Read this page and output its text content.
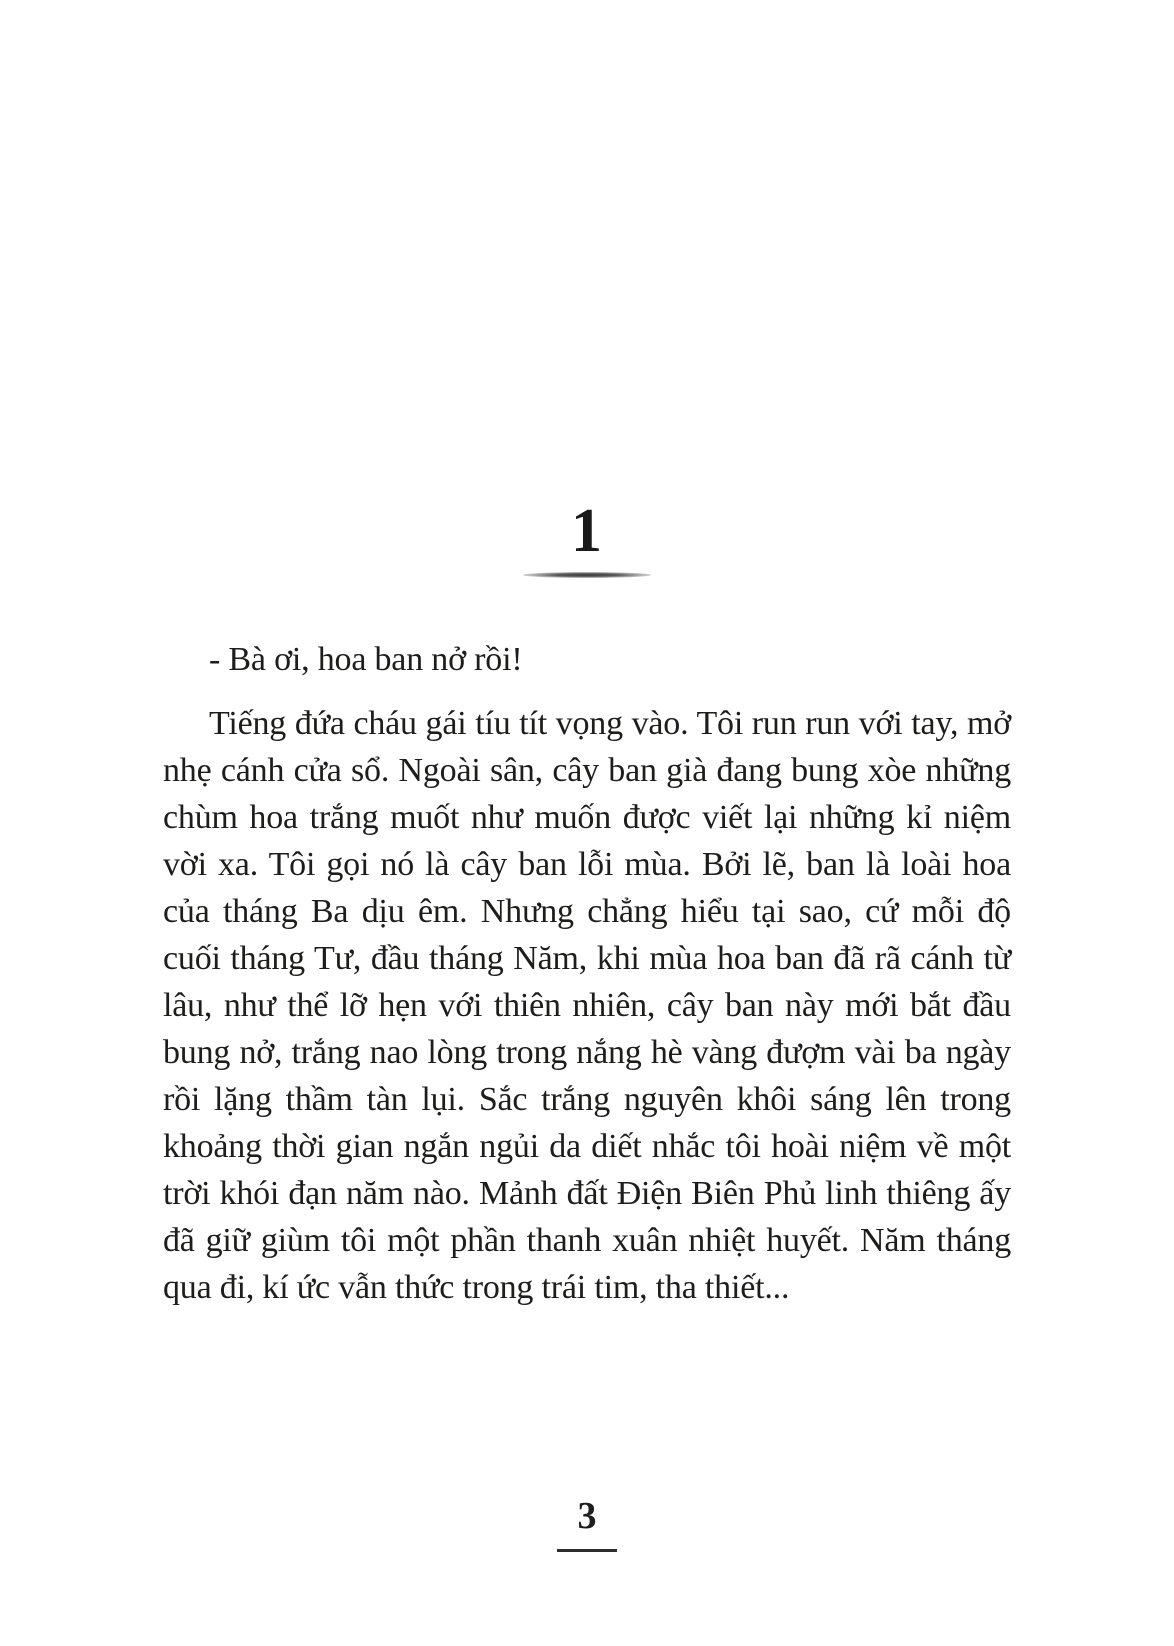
1

- Bà ơi, hoa ban nở rồi!

Tiếng đứa cháu gái tíu tít vọng vào. Tôi run run với tay, mở nhẹ cánh cửa sổ. Ngoài sân, cây ban già đang bung xòe những chùm hoa trắng muốt như muốn được viết lại những kỉ niệm vời xa. Tôi gọi nó là cây ban lỗi mùa. Bởi lẽ, ban là loài hoa của tháng Ba dịu êm. Nhưng chẳng hiểu tại sao, cứ mỗi độ cuối tháng Tư, đầu tháng Năm, khi mùa hoa ban đã rã cánh từ lâu, như thể lỡ hẹn với thiên nhiên, cây ban này mới bắt đầu bung nở, trắng nao lòng trong nắng hè vàng đượm vài ba ngày rồi lặng thầm tàn lụi. Sắc trắng nguyên khôi sáng lên trong khoảng thời gian ngắn ngủi da diết nhắc tôi hoài niệm về một trời khói đạn năm nào. Mảnh đất Điện Biên Phủ linh thiêng ấy đã giữ giùm tôi một phần thanh xuân nhiệt huyết. Năm tháng qua đi, kí ức vẫn thức trong trái tim, tha thiết...

3
